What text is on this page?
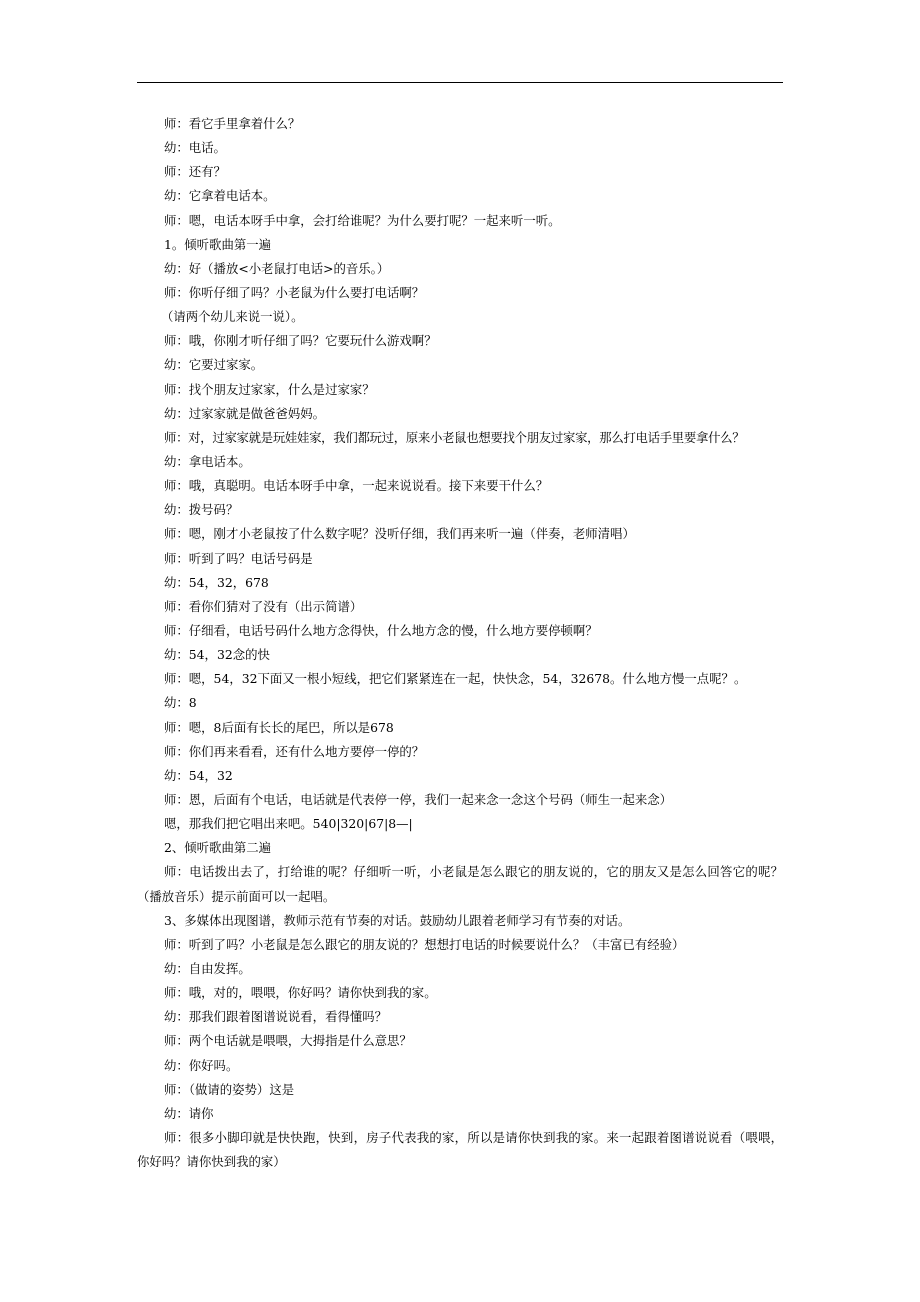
师：看它手里拿着什么？
幼：电话。
师：还有？
幼：它拿着电话本。
师：嗯，电话本呀手中拿，会打给谁呢？为什么要打呢？一起来听一听。
1。倾听歌曲第一遍
幼：好（播放<小老鼠打电话>的音乐。）
师：你听仔细了吗？小老鼠为什么要打电话啊？
（请两个幼儿来说一说）。
师：哦，你刚才听仔细了吗？它要玩什么游戏啊？
幼：它要过家家。
师：找个朋友过家家，什么是过家家？
幼：过家家就是做爸爸妈妈。
师：对，过家家就是玩娃娃家，我们都玩过，原来小老鼠也想要找个朋友过家家，那么打电话手里要拿什么？
幼：拿电话本。
师：哦，真聪明。电话本呀手中拿，一起来说说看。接下来要干什么？
幼：拨号码？
师：嗯，刚才小老鼠按了什么数字呢？没听仔细，我们再来听一遍（伴奏，老师清唱）
师：听到了吗？电话号码是
幼：54，32，678
师：看你们猜对了没有（出示简谱）
师：仔细看，电话号码什么地方念得快，什么地方念的慢，什么地方要停顿啊？
幼：54，32念的快
师：嗯，54，32下面又一根小短线，把它们紧紧连在一起，快快念，54，32678。什么地方慢一点呢？。
幼：8
师：嗯，8后面有长长的尾巴，所以是678
师：你们再来看看，还有什么地方要停一停的？
幼：54，32
师：恩，后面有个电话，电话就是代表停一停，我们一起来念一念这个号码（师生一起来念）
嗯，那我们把它唱出来吧。540|320|67|8—|
2、倾听歌曲第二遍
师：电话拨出去了，打给谁的呢？仔细听一听，小老鼠是怎么跟它的朋友说的，它的朋友又是怎么回答它的呢？（播放音乐）提示前面可以一起唱。
3、多媒体出现图谱，教师示范有节奏的对话。鼓励幼儿跟着老师学习有节奏的对话。
师：听到了吗？小老鼠是怎么跟它的朋友说的？想想打电话的时候要说什么？（丰富已有经验）
幼：自由发挥。
师：哦，对的，喂喂，你好吗？请你快到我的家。
幼：那我们跟着图谱说说看，看得懂吗？
师：两个电话就是喂喂，大拇指是什么意思？
幼：你好吗。
师：（做请的姿势）这是
幼：请你
师：很多小脚印就是快快跑，快到，房子代表我的家，所以是请你快到我的家。来一起跟着图谱说说看（喂喂，你好吗？请你快到我的家）
